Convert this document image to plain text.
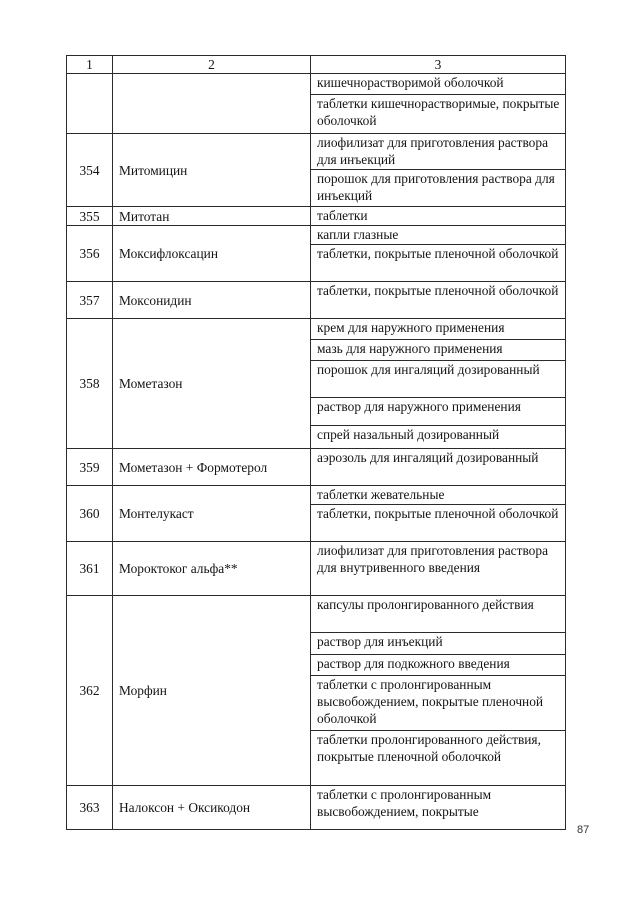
1	2	3
		кишечнорастворимой оболочкой
		таблетки кишечнорастворимые, покрытые оболочкой
354	Митомицин	лиофилизат для приготовления раствора для инъекций
		порошок для приготовления раствора для инъекций
355	Митотан	таблетки
356	Моксифлоксацин	капли глазные
		таблетки, покрытые пленочной оболочкой
357	Моксонидин	таблетки, покрытые пленочной оболочкой
358	Мометазон	крем для наружного применения
		мазь для наружного применения
		порошок для ингаляций дозированный
		раствор для наружного применения
		спрей назальный дозированный
359	Мометазон + Формотерол	аэрозоль для ингаляций дозированный
360	Монтелукаст	таблетки жевательные
		таблетки, покрытые пленочной оболочкой
361	Мороктоког альфа**	лиофилизат для приготовления раствора для внутривенного введения
362	Морфин	капсулы пролонгированного действия
		раствор для инъекций
		раствор для подкожного введения
		таблетки с пролонгированным высвобождением, покрытые пленочной оболочкой
		таблетки пролонгированного действия, покрытые пленочной оболочкой
363	Налоксон + Оксикодон	таблетки с пролонгированным высвобождением, покрытые
87
